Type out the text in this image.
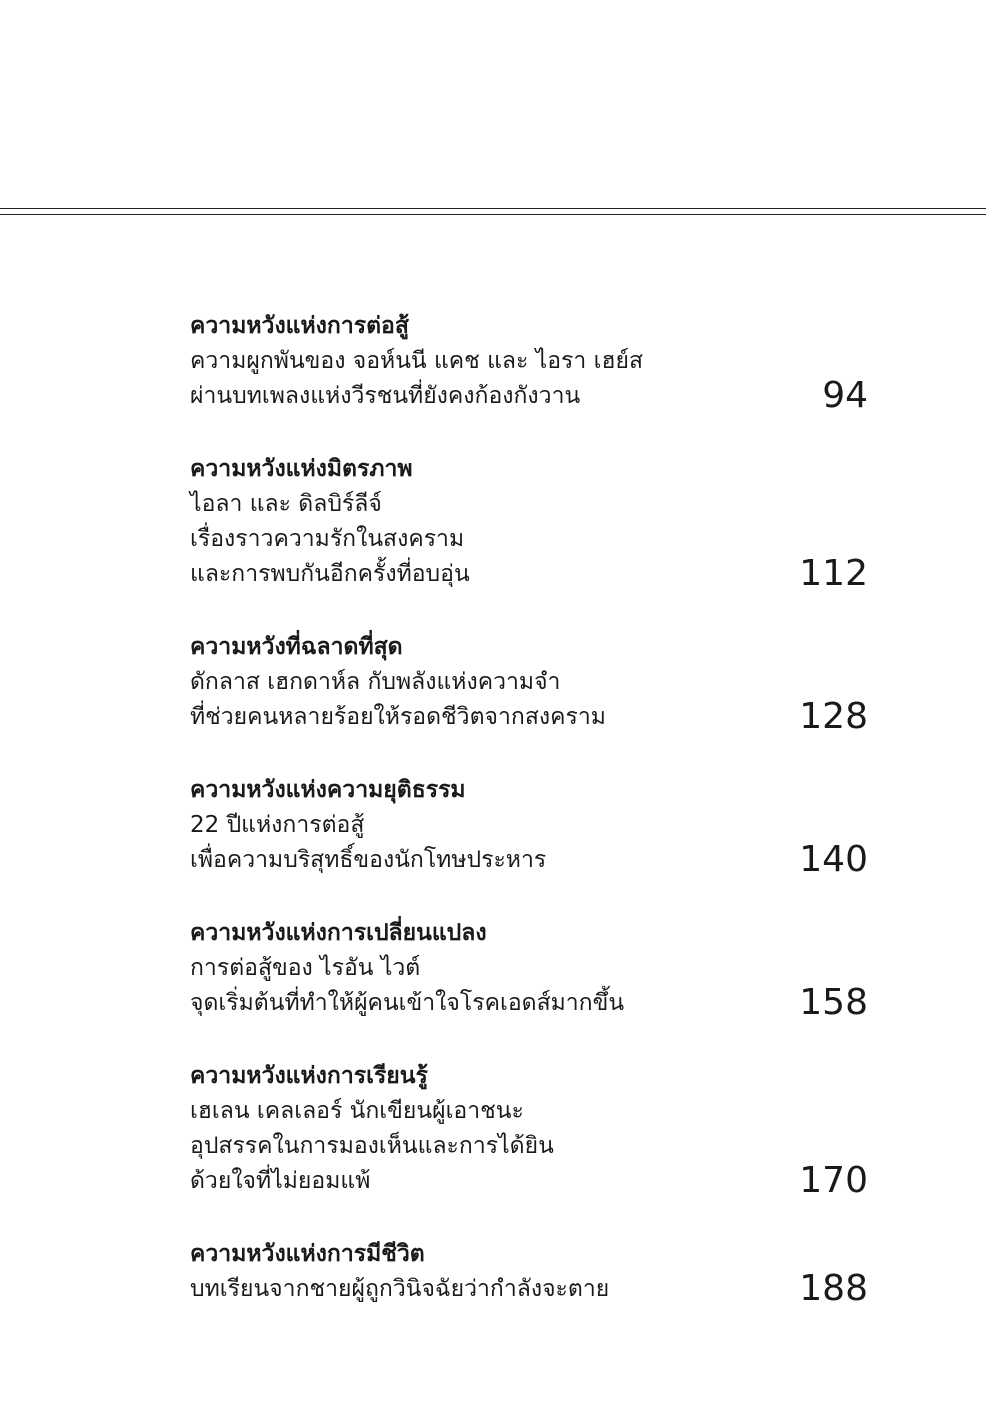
ความหวังแห่งการต่อสู้
ความผูกพันของ จอห์นนี แคช และ ไอรา เฮย์ส
ผ่านบทเพลงแห่งวีรชนที่ยังคงก้องกังวาน	94
ความหวังแห่งมิตรภาพ
ไอลา และ ดิลบิร์ลีจ์
เรื่องราวความรักในสงคราม
และการพบกันอีกครั้งที่อบอุ่น	112
ความหวังที่ฉลาดที่สุด
ดักลาส เฮกดาห์ล กับพลังแห่งความจำ
ที่ช่วยคนหลายร้อยให้รอดชีวิตจากสงคราม	128
ความหวังแห่งความยุติธรรม
22 ปีแห่งการต่อสู้
เพื่อความบริสุทธิ์ของนักโทษประหาร	140
ความหวังแห่งการเปลี่ยนแปลง
การต่อสู้ของ ไรอัน ไวต์
จุดเริ่มต้นที่ทำให้ผู้คนเข้าใจโรคเอดส์มากขึ้น	158
ความหวังแห่งการเรียนรู้
เฮเลน เคลเลอร์ นักเขียนผู้เอาชนะ
อุปสรรคในการมองเห็นและการได้ยิน
ด้วยใจที่ไม่ยอมแพ้	170
ความหวังแห่งการมีชีวิต
บทเรียนจากชายผู้ถูกวินิจฉัยว่ากำลังจะตาย	188
